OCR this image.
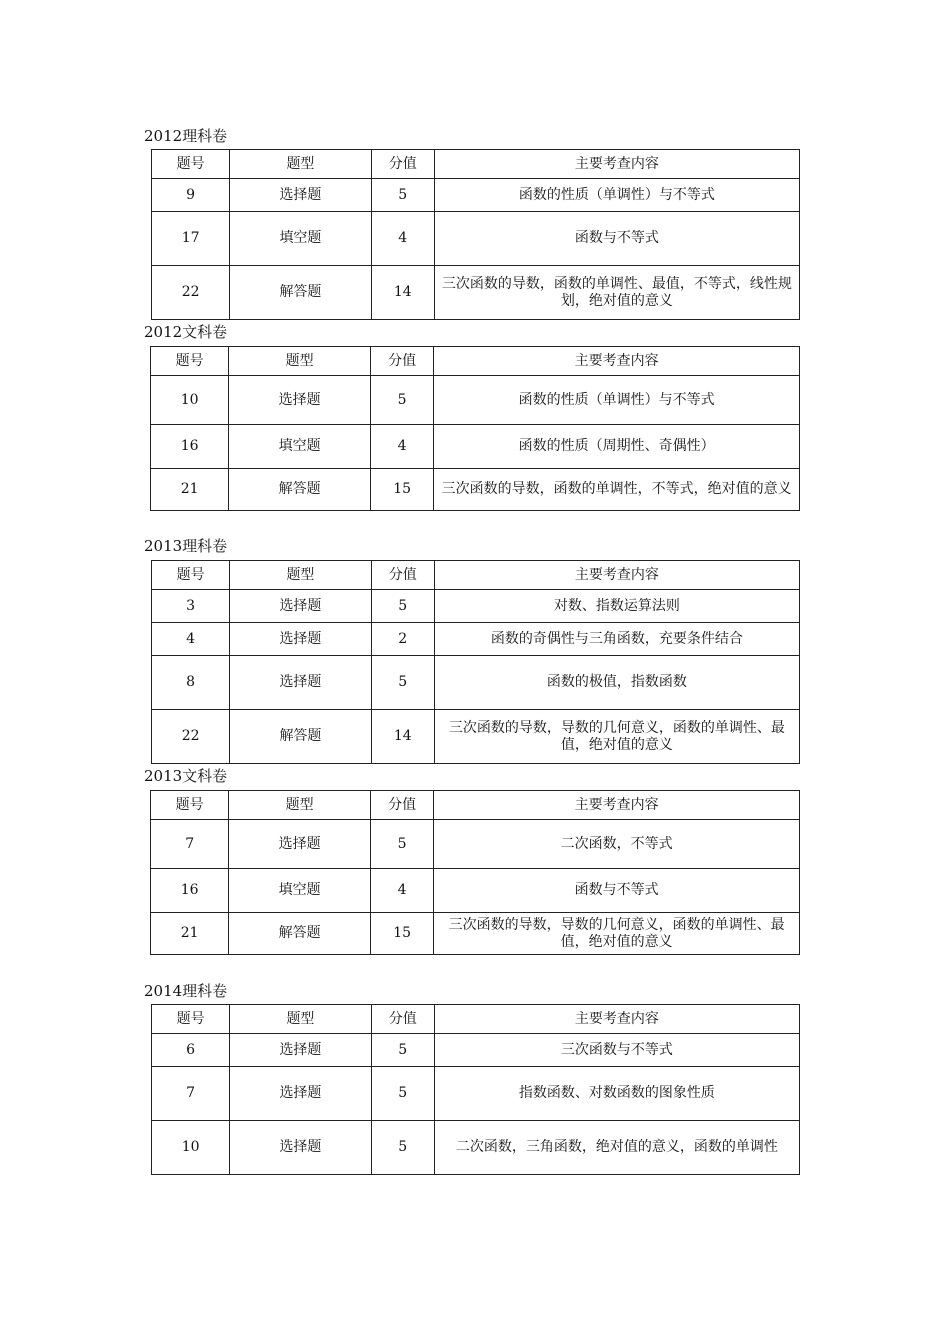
2012理科卷
题号	题型	分值	主要考查内容
9	选择题	5	函数的性质（单调性）与不等式
17	填空题	4	函数与不等式
22	解答题	14	三次函数的导数，函数的单调性、最值，不等式，线性规划，绝对值的意义
2012文科卷
题号	题型	分值	主要考查内容
10	选择题	5	函数的性质（单调性）与不等式
16	填空题	4	函数的性质（周期性、奇偶性）
21	解答题	15	三次函数的导数，函数的单调性，不等式，绝对值的意义
2013理科卷
题号	题型	分值	主要考查内容
3	选择题	5	对数、指数运算法则
4	选择题	2	函数的奇偶性与三角函数，充要条件结合
8	选择题	5	函数的极值，指数函数
22	解答题	14	三次函数的导数，导数的几何意义，函数的单调性、最值，绝对值的意义
2013文科卷
题号	题型	分值	主要考查内容
7	选择题	5	二次函数，不等式
16	填空题	4	函数与不等式
21	解答题	15	三次函数的导数，导数的几何意义，函数的单调性、最值，绝对值的意义
2014理科卷
题号	题型	分值	主要考查内容
6	选择题	5	三次函数与不等式
7	选择题	5	指数函数、对数函数的图象性质
10	选择题	5	二次函数，三角函数，绝对值的意义，函数的单调性
